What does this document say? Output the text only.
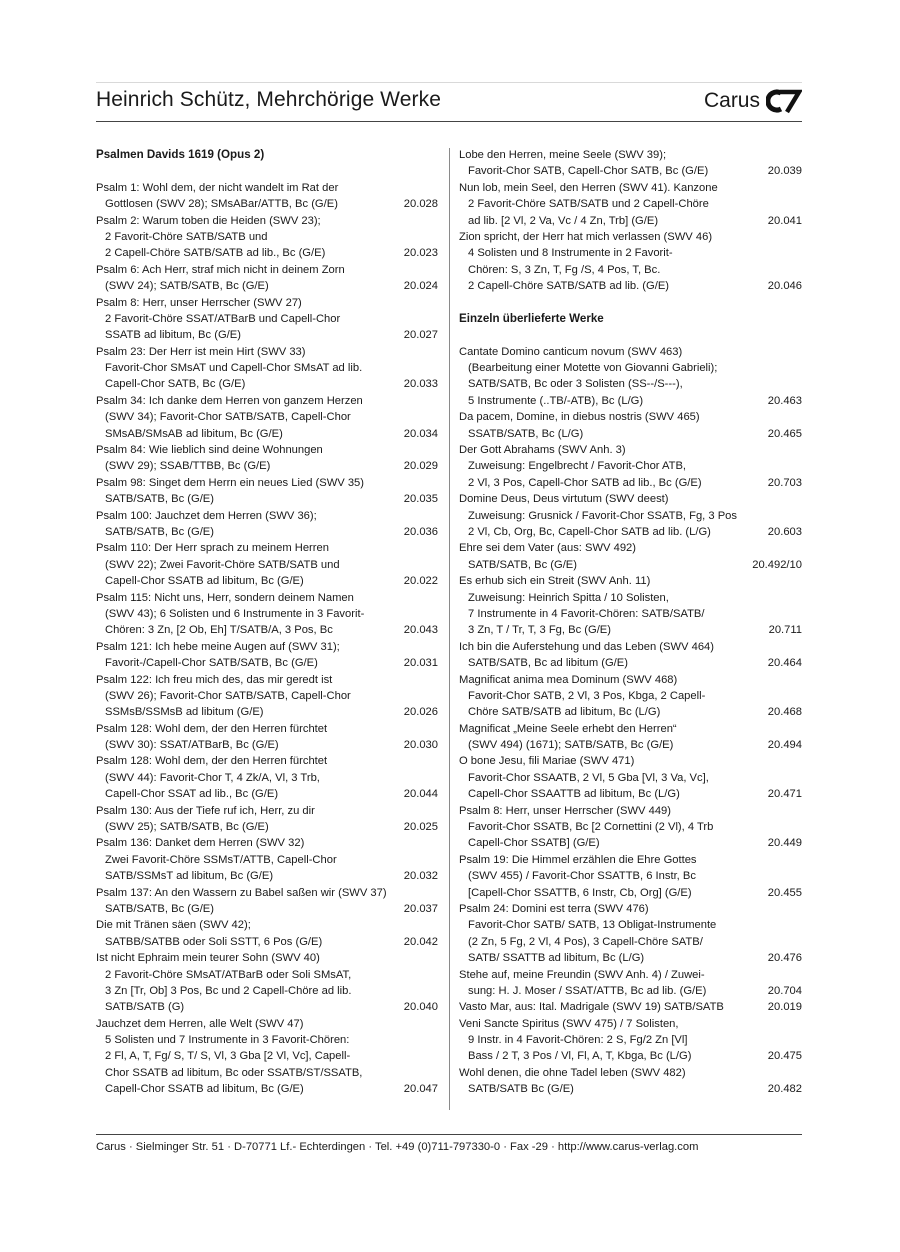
Heinrich Schütz, Mehrchörige Werke	Carus
Psalmen Davids 1619 (Opus 2)
Psalm 1: Wohl dem, der nicht wandelt im Rat der
Gottlosen (SWV 28); SMsABar/ATTB, Bc (G/E)	20.028
Psalm 2: Warum toben die Heiden (SWV 23);
2 Favorit-Chöre SATB/SATB und
2 Capell-Chöre SATB/SATB ad lib., Bc (G/E)	20.023
Psalm 6: Ach Herr, straf mich nicht in deinem Zorn
(SWV 24); SATB/SATB, Bc (G/E)	20.024
Psalm 8: Herr, unser Herrscher (SWV 27)
2 Favorit-Chöre SSAT/ATBarB und Capell-Chor
SSATB ad libitum, Bc (G/E)	20.027
Psalm 23: Der Herr ist mein Hirt (SWV 33)
Favorit-Chor SMsAT und Capell-Chor SMsAT ad lib.
Capell-Chor SATB, Bc (G/E)	20.033
Psalm 34: Ich danke dem Herren von ganzem Herzen
(SWV 34); Favorit-Chor SATB/SATB, Capell-Chor
SMsAB/SMsAB ad libitum, Bc (G/E)	20.034
Psalm 84: Wie lieblich sind deine Wohnungen
(SWV 29); SSAB/TTBB, Bc (G/E)	20.029
Psalm 98: Singet dem Herrn ein neues Lied (SWV 35)
SATB/SATB, Bc (G/E)	20.035
Psalm 100: Jauchzet dem Herren (SWV 36);
SATB/SATB, Bc (G/E)	20.036
Psalm 110: Der Herr sprach zu meinem Herren
(SWV 22); Zwei Favorit-Chöre SATB/SATB und
Capell-Chor SSATB ad libitum, Bc (G/E)	20.022
Psalm 115: Nicht uns, Herr, sondern deinem Namen
(SWV 43); 6 Solisten und 6 Instrumente in 3 Favorit-
Chören: 3 Zn, [2 Ob, Eh] T/SATB/A, 3 Pos, Bc	20.043
Psalm 121: Ich hebe meine Augen auf (SWV 31);
Favorit-/Capell-Chor SATB/SATB, Bc (G/E)	20.031
Psalm 122: Ich freu mich des, das mir geredt ist
(SWV 26); Favorit-Chor SATB/SATB, Capell-Chor
SSMsB/SSMsB ad libitum (G/E)	20.026
Psalm 128: Wohl dem, der den Herren fürchtet
(SWV 30): SSAT/ATBarB, Bc (G/E)	20.030
Psalm 128: Wohl dem, der den Herren fürchtet
(SWV 44): Favorit-Chor T, 4 Zk/A, Vl, 3 Trb,
Capell-Chor SSAT ad lib., Bc (G/E)	20.044
Psalm 130: Aus der Tiefe ruf ich, Herr, zu dir
(SWV 25); SATB/SATB, Bc (G/E)	20.025
Psalm 136: Danket dem Herren (SWV 32)
Zwei Favorit-Chöre SSMsT/ATTB, Capell-Chor
SATB/SSMsT ad libitum, Bc (G/E)	20.032
Psalm 137: An den Wassern zu Babel saßen wir (SWV 37)
SATB/SATB, Bc (G/E)	20.037
Die mit Tränen säen (SWV 42);
SATBB/SATBB oder Soli SSTT, 6 Pos (G/E)	20.042
Ist nicht Ephraim mein teurer Sohn (SWV 40)
2 Favorit-Chöre SMsAT/ATBarB oder Soli SMsAT,
3 Zn [Tr, Ob] 3 Pos, Bc und 2 Capell-Chöre ad lib.
SATB/SATB (G)	20.040
Jauchzet dem Herren, alle Welt (SWV 47)
5 Solisten und 7 Instrumente in 3 Favorit-Chören:
2 Fl, A, T, Fg/ S, T/ S, Vl, 3 Gba [2 Vl, Vc], Capell-
Chor SSATB ad libitum, Bc oder SSATB/ST/SSATB,
Capell-Chor SSATB ad libitum, Bc (G/E)	20.047
Lobe den Herren, meine Seele (SWV 39);
Favorit-Chor SATB, Capell-Chor SATB, Bc (G/E)	20.039
Nun lob, mein Seel, den Herren (SWV 41). Kanzone
2 Favorit-Chöre SATB/SATB und 2 Capell-Chöre
ad lib. [2 Vl, 2 Va, Vc / 4 Zn, Trb] (G/E)	20.041
Zion spricht, der Herr hat mich verlassen (SWV 46)
4 Solisten und 8 Instrumente in 2 Favorit-
Chören: S, 3 Zn, T, Fg /S, 4 Pos, T, Bc.
2 Capell-Chöre SATB/SATB ad lib. (G/E)	20.046
Einzeln überlieferte Werke
Cantate Domino canticum novum (SWV 463)
(Bearbeitung einer Motette von Giovanni Gabrieli);
SATB/SATB, Bc oder 3 Solisten (SS--/S---),
5 Instrumente (..TB/-ATB), Bc (L/G)	20.463
Da pacem, Domine, in diebus nostris (SWV 465)
SSATB/SATB, Bc (L/G)	20.465
Der Gott Abrahams (SWV Anh. 3)
Zuweisung: Engelbrecht / Favorit-Chor ATB,
2 Vl, 3 Pos, Capell-Chor SATB ad lib., Bc (G/E)	20.703
Domine Deus, Deus virtutum (SWV deest)
Zuweisung: Grusnick / Favorit-Chor SSATB, Fg, 3 Pos
2 Vl, Cb, Org, Bc, Capell-Chor SATB ad lib. (L/G)	20.603
Ehre sei dem Vater (aus: SWV 492)
SATB/SATB, Bc (G/E)	20.492/10
Es erhub sich ein Streit (SWV Anh. 11)
Zuweisung: Heinrich Spitta / 10 Solisten,
7 Instrumente in 4 Favorit-Chören: SATB/SATB/
3 Zn, T / Tr, T, 3 Fg, Bc (G/E)	20.711
Ich bin die Auferstehung und das Leben (SWV 464)
SATB/SATB, Bc ad libitum (G/E)	20.464
Magnificat anima mea Dominum (SWV 468)
Favorit-Chor SATB, 2 Vl, 3 Pos, Kbga, 2 Capell-
Chöre SATB/SATB ad libitum, Bc (L/G)	20.468
Magnificat „Meine Seele erhebt den Herren“
(SWV 494) (1671); SATB/SATB, Bc (G/E)	20.494
O bone Jesu, fili Mariae (SWV 471)
Favorit-Chor SSAATB, 2 Vl, 5 Gba [Vl, 3 Va, Vc],
Capell-Chor SSAATTB ad libitum, Bc (L/G)	20.471
Psalm 8: Herr, unser Herrscher (SWV 449)
Favorit-Chor SSATB, Bc [2 Cornettini (2 Vl), 4 Trb
Capell-Chor SSATB] (G/E)	20.449
Psalm 19: Die Himmel erzählen die Ehre Gottes
(SWV 455) / Favorit-Chor SSATTB, 6 Instr, Bc
[Capell-Chor SSATTB, 6 Instr, Cb, Org] (G/E)	20.455
Psalm 24: Domini est terra (SWV 476)
Favorit-Chor SATB/ SATB, 13 Obligat-Instrumente
(2 Zn, 5 Fg, 2 Vl, 4 Pos), 3 Capell-Chöre SATB/
SATB/ SSATTB ad libitum, Bc (L/G)	20.476
Stehe auf, meine Freundin (SWV Anh. 4) / Zuwei-
sung: H. J. Moser / SSAT/ATTB, Bc ad lib. (G/E)	20.704
Vasto Mar, aus: Ital. Madrigale (SWV 19) SATB/SATB	20.019
Veni Sancte Spiritus (SWV 475) / 7 Solisten,
9 Instr. in 4 Favorit-Chören: 2 S, Fg/2 Zn [Vl]
Bass / 2 T, 3 Pos / Vl, Fl, A, T, Kbga, Bc (L/G)	20.475
Wohl denen, die ohne Tadel leben (SWV 482)
SATB/SATB Bc (G/E)	20.482
Carus · Sielminger Str. 51 · D-70771 Lf.- Echterdingen · Tel. +49 (0)711-797330-0 · Fax -29 · http://www.carus-verlag.com
